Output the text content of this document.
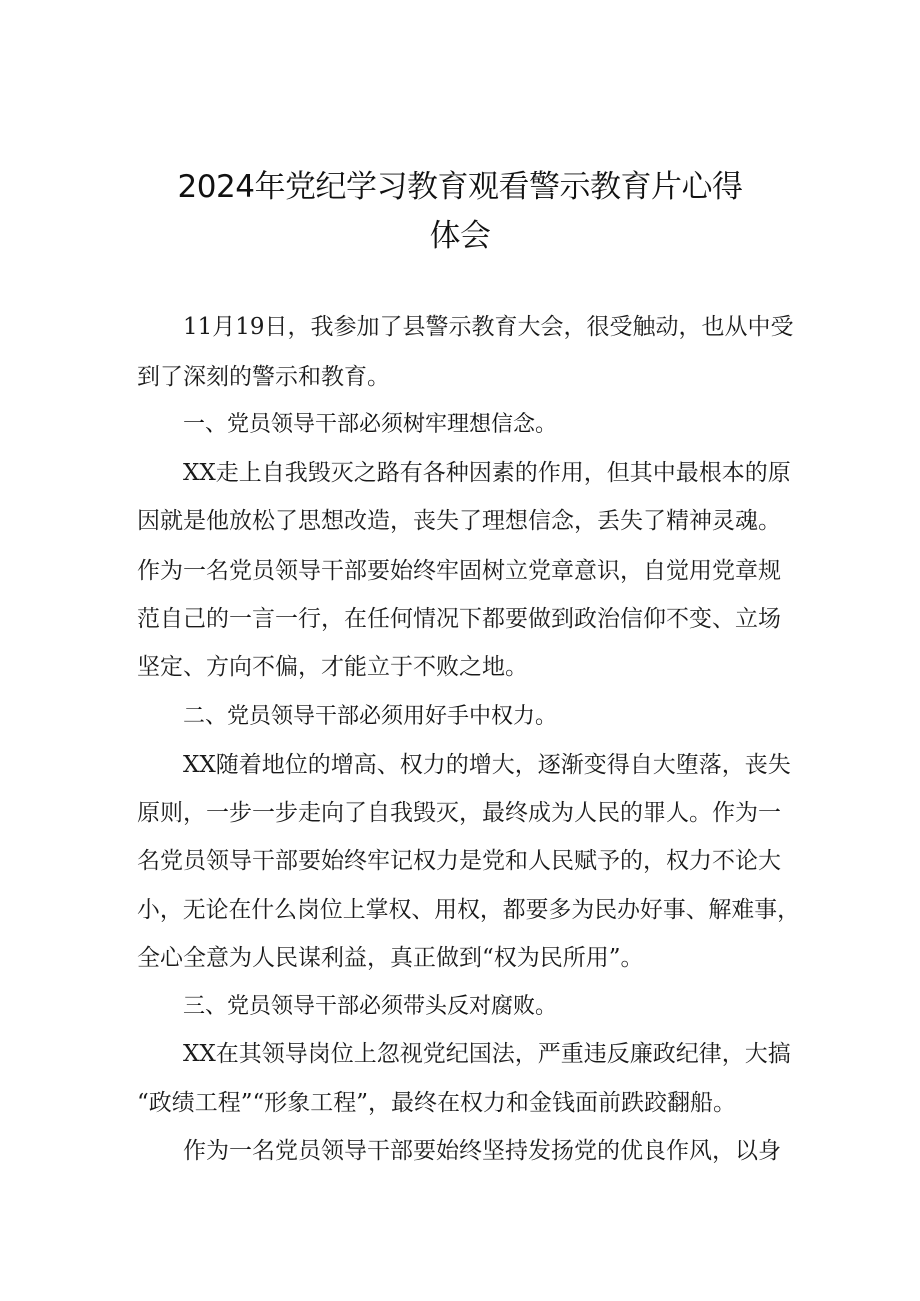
2024年党纪学习教育观看警示教育片心得
体会
11月19日，我参加了县警示教育大会，很受触动，也从中受
到了深刻的警示和教育。
一、党员领导干部必须树牢理想信念。
XX走上自我毁灭之路有各种因素的作用，但其中最根本的原
因就是他放松了思想改造，丧失了理想信念，丢失了精神灵魂。
作为一名党员领导干部要始终牢固树立党章意识，自觉用党章规
范自己的一言一行，在任何情况下都要做到政治信仰不变、立场
坚定、方向不偏，才能立于不败之地。
二、党员领导干部必须用好手中权力。
XX随着地位的增高、权力的增大，逐渐变得自大堕落，丧失
原则，一步一步走向了自我毁灭，最终成为人民的罪人。作为一
名党员领导干部要始终牢记权力是党和人民赋予的，权力不论大
小，无论在什么岗位上掌权、用权，都要多为民办好事、解难事，
全心全意为人民谋利益，真正做到“权为民所用”。
三、党员领导干部必须带头反对腐败。
XX在其领导岗位上忽视党纪国法，严重违反廉政纪律，大搞
“政绩工程”“形象工程”，最终在权力和金钱面前跌跤翻船。
作为一名党员领导干部要始终坚持发扬党的优良作风，以身
